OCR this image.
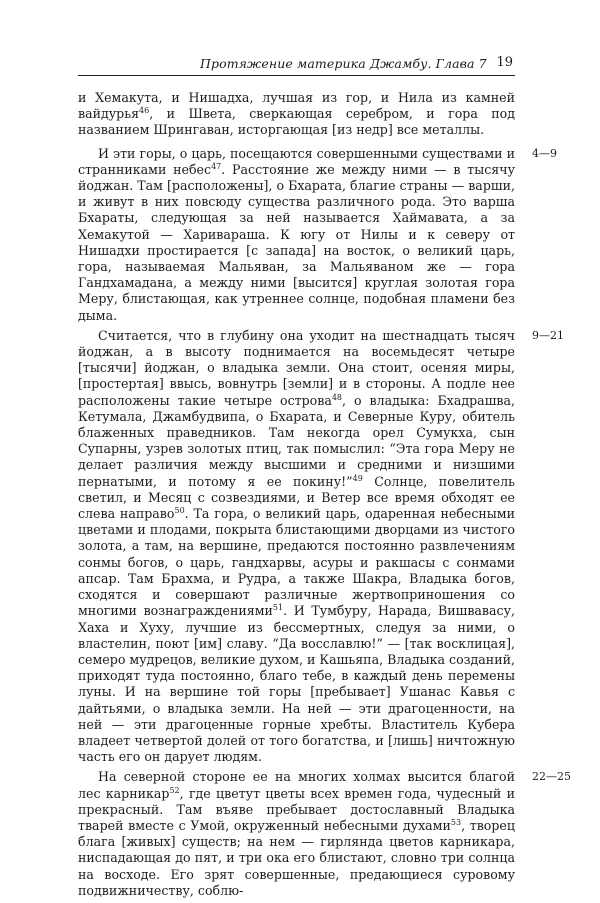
Протяжение материка Джамбу. Глава 7 19

и Хемакута, и Нишадха, лучшая из гор, и Нила из камней вайдурья$^{46}$, и Швета, сверкающая серебром, и гора под названием Шрингаван, исторгающая [из недр] все металлы.

И эти горы, о царь, посещаются совершенными существами и странниками небес$^{47}$. Расстояние же между ними — в тысячу йоджан. Там [расположены], о Бхарата, благие страны — варши, и живут в них повсюду существа различного рода. Это варша Бхараты, следующая за ней называется Хаймавата, а за Хемакутой — Харивараша. К югу от Нилы и к северу от Нишадхи простирается [с запада] на восток, о великий царь, гора, называемая Мальяван, за Мальяваном же — гора Гандхамадана, а между ними [высится] круглая золотая гора Меру, блистающая, как утреннее солнце, подобная пламени без дыма.

Считается, что в глубину она уходит на шестнадцать тысяч йоджан, а в высоту поднимается на восемьдесят четыре [тысячи] йоджан, о владыка земли. Она стоит, осеняя миры, [простертая] ввысь, вовнутрь [земли] и в стороны. А подле нее расположены такие четыре острова$^{48}$, о владыка: Бхадрашва, Кетумала, Джамбудвипа, о Бхарата, и Северные Куру, обитель блаженных праведников. Там некогда орел Сумукха, сын Супарны, узрев золотых птиц, так помыслил: “Эта гора Меру не делает различия между высшими и средними и низшими пернатыми, и потому я ее покину!”$^{49}$ Солнце, повелитель светил, и Месяц с созвездиями, и Ветер все время обходят ее слева направо$^{50}$. Та гора, о великий царь, одаренная небесными цветами и плодами, покрыта блистающими дворцами из чистого золота, а там, на вершине, предаются постоянно развлечениям сонмы богов, о царь, гандхарвы, асуры и ракшасы с сонмами апсар. Там Брахма, и Рудра, а также Шакра, Владыка богов, сходятся и совершают различные жертвоприношения со многими вознаграждениями$^{51}$. И Тумбуру, Нарада, Вишвавасу, Хаха и Хуху, лучшие из бессмертных, следуя за ними, о властелин, поют [им] славу. “Да восславлю!” — [так восклицая], семеро мудрецов, великие духом, и Кашьяпа, Владыка созданий, приходят туда постоянно, благо тебе, в каждый день перемены луны. И на вершине той горы [пребывает] Ушанас Кавья с дайтьями, о владыка земли. На ней — эти драгоценности, на ней — эти драгоценные горные хребты. Властитель Кубера владеет четвертой долей от того богатства, и [лишь] ничтожную часть его он дарует людям.

На северной стороне ее на многих холмах высится благой лес карникар$^{52}$, где цветут цветы всех времен года, чудесный и прекрасный. Там въяве пребывает достославный Владыка тварей вместе с Умой, окруженный небесными духами$^{53}$, творец блага [живых] существ; на нем — гирлянда цветов карникара, ниспадающая до пят, и три ока его блистают, словно три солнца на восходе. Его зрят совершенные, предающиеся суровому подвижничеству, соблю-

4—9
9—21
22—25
